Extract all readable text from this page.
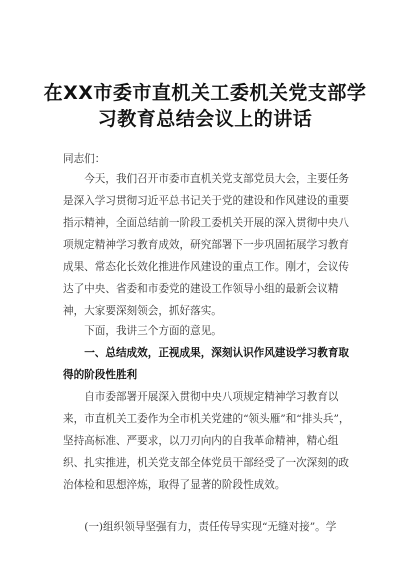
在XX市委市直机关工委机关党支部学习教育总结会议上的讲话

同志们：

今天，我们召开市委市直机关党支部党员大会，主要任务是深入学习贯彻习近平总书记关于党的建设和作风建设的重要指示精神，全面总结前一阶段工委机关开展的深入贯彻中央八项规定精神学习教育成效，研究部署下一步巩固拓展学习教育成果、常态化长效化推进作风建设的重点工作。刚才，会议传达了中央、省委和市委党的建设工作领导小组的最新会议精神，大家要深刻领会，抓好落实。

下面，我讲三个方面的意见。

一、总结成效，正视成果，深刻认识作风建设学习教育取得的阶段性胜利

自市委部署开展深入贯彻中央八项规定精神学习教育以来，市直机关工委作为全市机关党建的“领头雁”和“排头兵”，坚持高标准、严要求，以刀刃向内的自我革命精神，精心组织、扎实推进，机关党支部全体党员干部经受了一次深刻的政治体检和思想淬炼，取得了显著的阶段性成效。

(一)组织领导坚强有力，责任传导实现“无缝对接”。学
